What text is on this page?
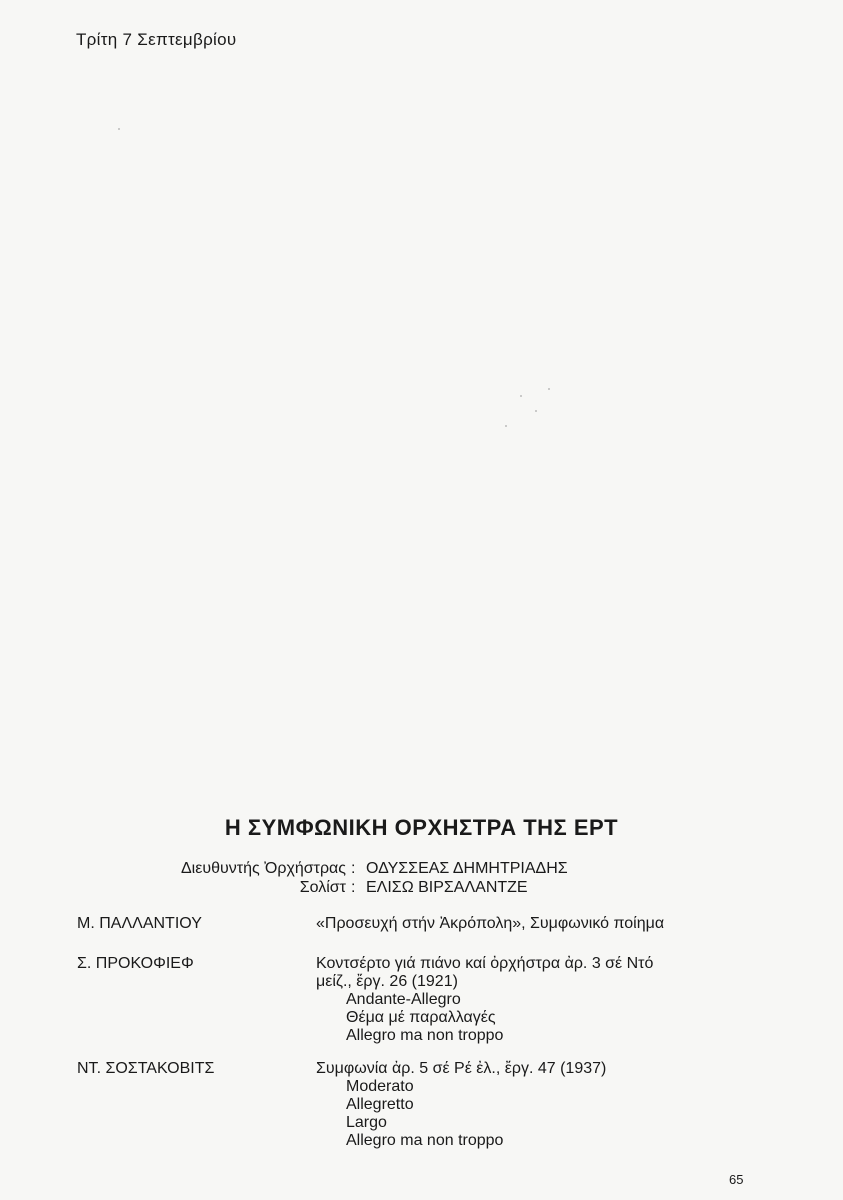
Τρίτη 7 Σεπτεμβρίου
Η ΣΥΜΦΩΝΙΚΗ ΟΡΧΗΣΤΡΑ ΤΗΣ ΕΡΤ
Διευθυντής Ὀρχήστρας : ΟΔΥΣΣΕΑΣ ΔΗΜΗΤΡΙΑΔΗΣ
Σολίστ : ΕΛΙΣΩ ΒΙΡΣΑΛΑΝΤΖΕ
Μ. ΠΑΛΛΑΝΤΙΟΥ	«Προσευχή στήν Ἀκρόπολη», Συμφωνικό ποίημα
Σ. ΠΡΟΚΟΦΙΕΦ	Κοντσέρτο γιά πιάνο καί ὀρχήστρα ἀρ. 3 σέ Ντό
μείζ., ἔργ. 26 (1921)
Andante-Allegro
Θέμα μέ παραλλαγές
Allegro ma non troppo
ΝΤ. ΣΟΣΤΑΚΟΒΙΤΣ	Συμφωνία ἀρ. 5 σέ Ρέ ἐλ., ἔργ. 47 (1937)
Moderato
Allegretto
Largo
Allegro ma non troppo
65
